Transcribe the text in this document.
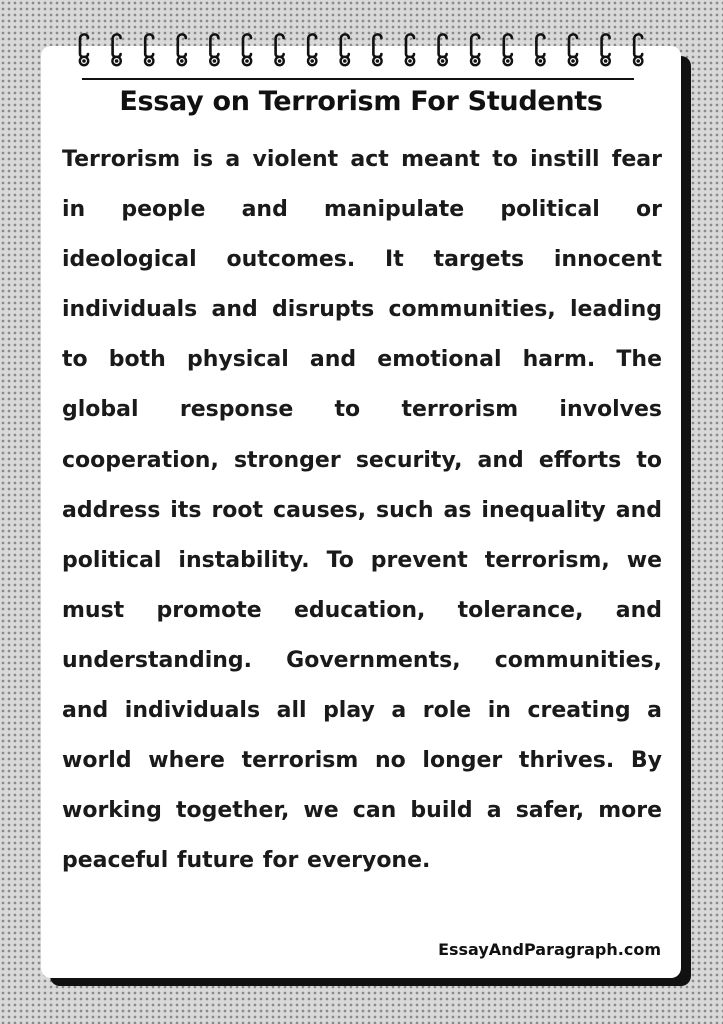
Essay on Terrorism For Students

Terrorism is a violent act meant to instill fear in people and manipulate political or ideological outcomes. It targets innocent individuals and disrupts communities, leading to both physical and emotional harm. The global response to terrorism involves cooperation, stronger security, and efforts to address its root causes, such as inequality and political instability. To prevent terrorism, we must promote education, tolerance, and understanding. Governments, communities, and individuals all play a role in creating a world where terrorism no longer thrives. By working together, we can build a safer, more peaceful future for everyone.

EssayAndParagraph.com
